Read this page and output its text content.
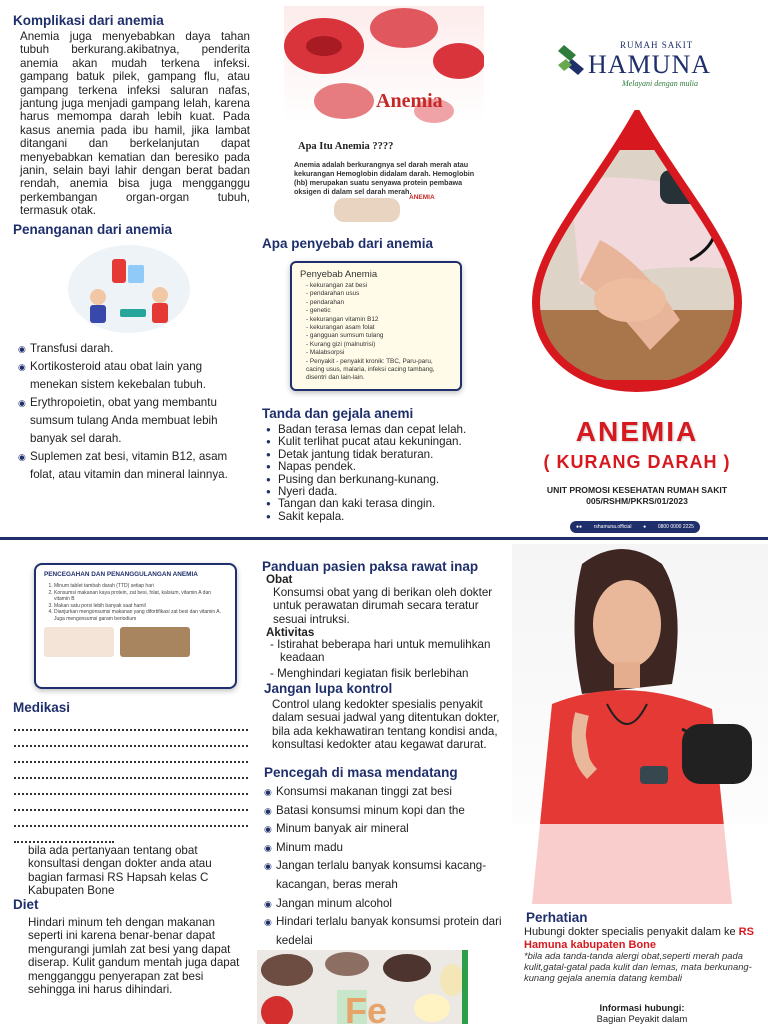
Komplikasi dari anemia
Anemia juga menyebabkan daya tahan tubuh berkurang.akibatnya, penderita anemia akan mudah terkena infeksi. gampang batuk pilek, gampang flu, atau gampang terkena infeksi saluran nafas, jantung juga menjadi gampang lelah, karena harus memompa darah lebih kuat. Pada kasus anemia pada ibu hamil, jika lambat ditangani dan berkelanjutan dapat menyebabkan kematian dan beresiko pada janin, selain bayi lahir dengan berat badan rendah, anemia bisa juga mengganggu perkembangan organ-organ tubuh, termasuk otak.
Penanganan dari anemia
◉ Transfusi darah.
◉ Kortikosteroid atau obat lain yang menekan sistem kekebalan tubuh.
◉ Erythropoietin, obat yang membantu sumsum tulang Anda membuat lebih banyak sel darah.
◉ Suplemen zat besi, vitamin B12, asam folat, atau vitamin dan mineral lainnya.
Anemia
Apa Itu Anemia ????
Anemia adalah berkurangnya sel darah merah atau kekurangan Hemoglobin didalam darah. Hemoglobin (hb) merupakan suatu senyawa protein pembawa oksigen di dalam sel darah merah.
ANEMIA
Apa penyebab dari anemia
Penyebab Anemia
- kekurangan zat besi
- pendarahan usus
- pendarahan
- genetic
- kekurangan vitamin B12
- kekurangan asam folat
- gangguan sumsum tulang
- Kurang gizi (malnutrisi)
- Malabsorpsi
- Penyakit - penyakit kronik: TBC, Paru-paru, cacing usus, malaria, infeksi cacing tambang, disentri dan lain-lain.
Tanda dan gejala anemi
● Badan terasa lemas dan cepat lelah.
● Kulit terlihat pucat atau kekuningan.
● Detak jantung tidak beraturan.
● Napas pendek.
● Pusing dan berkunang-kunang.
● Nyeri dada.
● Tangan dan kaki terasa dingin.
● Sakit kepala.
RUMAH SAKIT
HAMUNA
Melayani dengan mulia
ANEMIA
( KURANG DARAH )
UNIT PROMOSI KESEHATAN RUMAH SAKIT
005/RSHM/PKRS/01/2023
●● rshamuna.official ● 0800 0000 2225
PENCEGAHAN DAN PENANGGULANGAN ANEMIA
1. Minum tablet tambah darah (TTD) setiap hari
2. Konsumsi makanan kaya protein, zat besi, folat, kalsium, vitamin A dan vitamin B
3. Makan satu porsi lebih banyak saat hamil
4. Dianjurkan mengonsumsi makanan yang difortifikasi zat besi dan vitamin A. Juga mengonsumsi garam beriodium
Medikasi
bila ada pertanyaan tentang obat konsultasi dengan dokter anda atau bagian farmasi RS Hapsah kelas C Kabupaten Bone
Diet
Hindari minum teh dengan makanan seperti ini karena benar-benar dapat mengurangi jumlah zat besi yang dapat diserap. Kulit gandum mentah juga dapat mengganggu penyerapan zat besi sehingga ini harus dihindari.
Panduan pasien paksa rawat inap
Obat
Konsumsi obat yang di berikan oleh dokter untuk perawatan dirumah secara teratur sesuai intruksi.
Aktivitas
- Istirahat beberapa hari untuk memulihkan keadaan
- Menghindari kegiatan fisik berlebihan
Jangan lupa kontrol
Control ulang kedokter spesialis penyakit dalam sesuai jadwal yang ditentukan dokter, bila ada kekhawatiran tentang kondisi anda, konsultasi kedokter atau kegawat darurat.
Pencegah di masa mendatang
◉ Konsumsi makanan tinggi zat besi
◉ Batasi konsumsi minum kopi dan the
◉ Minum banyak air mineral
◉ Minum madu
◉ Jangan terlalu banyak konsumsi kacang-kacangan, beras merah
◉ Jangan minum alcohol
◉ Hindari terlalu banyak konsumsi protein dari kedelai
Fe
Perhatian
Hubungi dokter specialis penyakit dalam ke RS Hamuna kabupaten Bone
*bila ada tanda-tanda alergi obat,seperti merah pada kulit,gatal-gatal pada kulit dan lemas, mata berkunang-kunang gejala anemia datang kembali
Informasi hubungi:
Bagian Peyakit dalam
